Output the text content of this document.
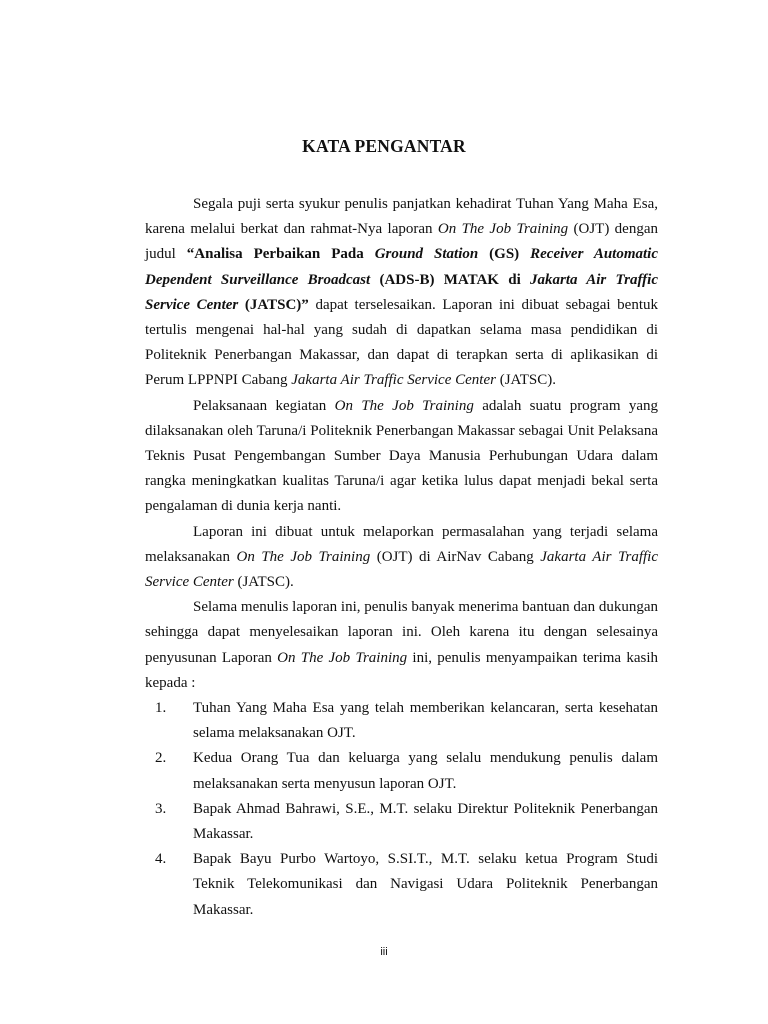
KATA PENGANTAR

Segala puji serta syukur penulis panjatkan kehadirat Tuhan Yang Maha Esa, karena melalui berkat dan rahmat-Nya laporan On The Job Training (OJT) dengan judul “Analisa Perbaikan Pada Ground Station (GS) Receiver Automatic Dependent Surveillance Broadcast (ADS-B) MATAK di Jakarta Air Traffic Service Center (JATSC)” dapat terselesaikan. Laporan ini dibuat sebagai bentuk tertulis mengenai hal-hal yang sudah di dapatkan selama masa pendidikan di Politeknik Penerbangan Makassar, dan dapat di terapkan serta di aplikasikan di Perum LPPNPI Cabang Jakarta Air Traffic Service Center (JATSC).

Pelaksanaan kegiatan On The Job Training adalah suatu program yang dilaksanakan oleh Taruna/i Politeknik Penerbangan Makassar sebagai Unit Pelaksana Teknis Pusat Pengembangan Sumber Daya Manusia Perhubungan Udara dalam rangka meningkatkan kualitas Taruna/i agar ketika lulus dapat menjadi bekal serta pengalaman di dunia kerja nanti.

Laporan ini dibuat untuk melaporkan permasalahan yang terjadi selama melaksanakan On The Job Training (OJT) di AirNav Cabang Jakarta Air Traffic Service Center (JATSC).

Selama menulis laporan ini, penulis banyak menerima bantuan dan dukungan sehingga dapat menyelesaikan laporan ini. Oleh karena itu dengan selesainya penyusunan Laporan On The Job Training ini, penulis menyampaikan terima kasih kepada :

1. Tuhan Yang Maha Esa yang telah memberikan kelancaran, serta kesehatan selama melaksanakan OJT.
2. Kedua Orang Tua dan keluarga yang selalu mendukung penulis dalam melaksanakan serta menyusun laporan OJT.
3. Bapak Ahmad Bahrawi, S.E., M.T. selaku Direktur Politeknik Penerbangan Makassar.
4. Bapak Bayu Purbo Wartoyo, S.SI.T., M.T. selaku ketua Program Studi Teknik Telekomunikasi dan Navigasi Udara Politeknik Penerbangan Makassar.
iii
